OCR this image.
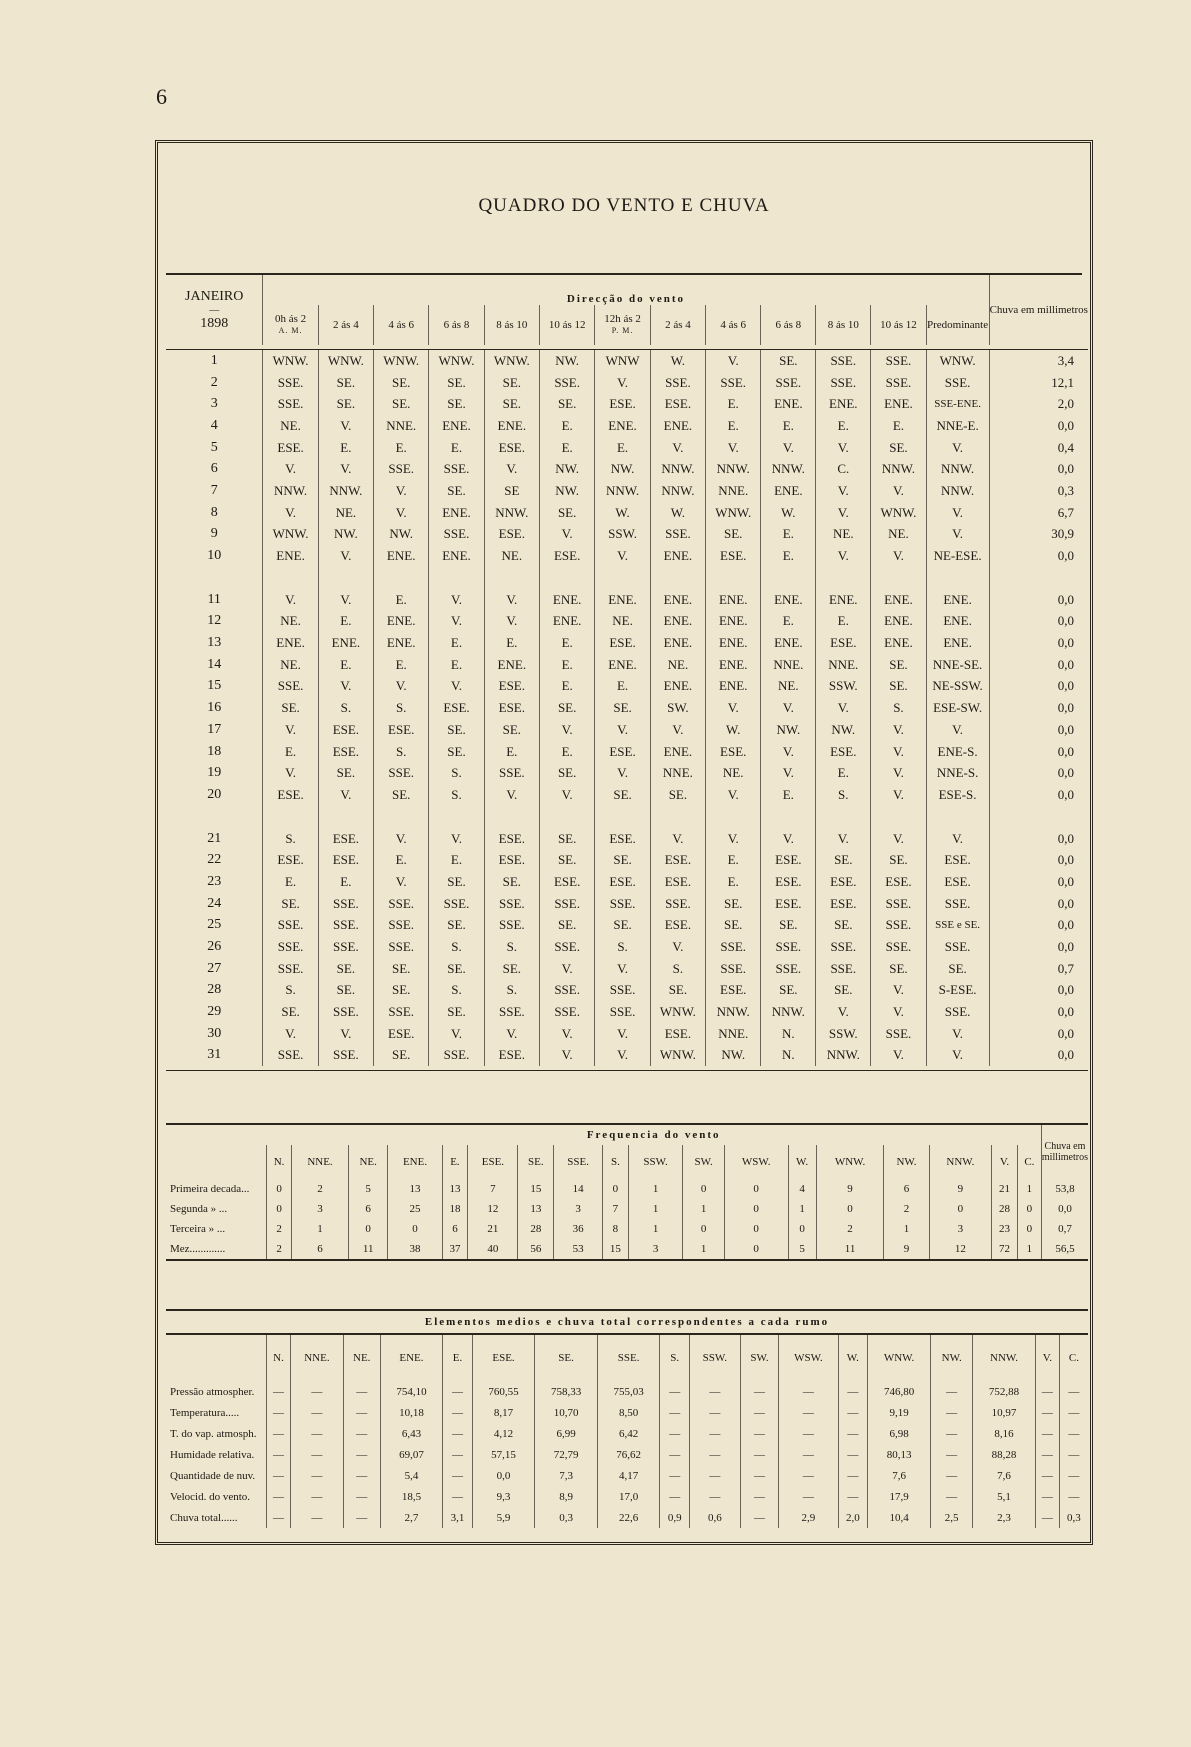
6
QUADRO DO VENTO E CHUVA
JANEIRO
—
1898	Direcção do vento													Chuva em millimetros
	0h ás 2
A. M.	2 ás 4	4 ás 6	6 ás 8	8 ás 10	10 ás 12	12h ás 2
P. M.	2 ás 4	4 ás 6	6 ás 8	8 ás 10	10 ás 12	Predominante	

1	WNW.	WNW.	WNW.	WNW.	WNW.	NW.	WNW	W.	V.	SE.	SSE.	SSE.	WNW.	3,4
2	SSE.	SE.	SE.	SE.	SE.	SSE.	V.	SSE.	SSE.	SSE.	SSE.	SSE.	SSE.	12,1
3	SSE.	SE.	SE.	SE.	SE.	SE.	ESE.	ESE.	E.	ENE.	ENE.	ENE.	SSE-ENE.	2,0
4	NE.	V.	NNE.	ENE.	ENE.	E.	ENE.	ENE.	E.	E.	E.	E.	NNE-E.	0,0
5	ESE.	E.	E.	E.	ESE.	E.	E.	V.	V.	V.	V.	SE.	V.	0,4
6	V.	V.	SSE.	SSE.	V.	NW.	NW.	NNW.	NNW.	NNW.	C.	NNW.	NNW.	0,0
7	NNW.	NNW.	V.	SE.	SE	NW.	NNW.	NNW.	NNE.	ENE.	V.	V.	NNW.	0,3
8	V.	NE.	V.	ENE.	NNW.	SE.	W.	W.	WNW.	W.	V.	WNW.	V.	6,7
9	WNW.	NW.	NW.	SSE.	ESE.	V.	SSW.	SSE.	SE.	E.	NE.	NE.	V.	30,9
10	ENE.	V.	ENE.	ENE.	NE.	ESE.	V.	ENE.	ESE.	E.	V.	V.	NE-ESE.	0,0

11	V.	V.	E.	V.	V.	ENE.	ENE.	ENE.	ENE.	ENE.	ENE.	ENE.	ENE.	0,0
12	NE.	E.	ENE.	V.	V.	ENE.	NE.	ENE.	ENE.	E.	E.	ENE.	ENE.	0,0
13	ENE.	ENE.	ENE.	E.	E.	E.	ESE.	ENE.	ENE.	ENE.	ESE.	ENE.	ENE.	0,0
14	NE.	E.	E.	E.	ENE.	E.	ENE.	NE.	ENE.	NNE.	NNE.	SE.	NNE-SE.	0,0
15	SSE.	V.	V.	V.	ESE.	E.	E.	ENE.	ENE.	NE.	SSW.	SE.	NE-SSW.	0,0
16	SE.	S.	S.	ESE.	ESE.	SE.	SE.	SW.	V.	V.	V.	S.	ESE-SW.	0,0
17	V.	ESE.	ESE.	SE.	SE.	V.	V.	V.	W.	NW.	NW.	V.	V.	0,0
18	E.	ESE.	S.	SE.	E.	E.	ESE.	ENE.	ESE.	V.	ESE.	V.	ENE-S.	0,0
19	V.	SE.	SSE.	S.	SSE.	SE.	V.	NNE.	NE.	V.	E.	V.	NNE-S.	0,0
20	ESE.	V.	SE.	S.	V.	V.	SE.	SE.	V.	E.	S.	V.	ESE-S.	0,0

21	S.	ESE.	V.	V.	ESE.	SE.	ESE.	V.	V.	V.	V.	V.	V.	0,0
22	ESE.	ESE.	E.	E.	ESE.	SE.	SE.	ESE.	E.	ESE.	SE.	SE.	ESE.	0,0
23	E.	E.	V.	SE.	SE.	ESE.	ESE.	ESE.	E.	ESE.	ESE.	ESE.	ESE.	0,0
24	SE.	SSE.	SSE.	SSE.	SSE.	SSE.	SSE.	SSE.	SE.	ESE.	ESE.	SSE.	SSE.	0,0
25	SSE.	SSE.	SSE.	SE.	SSE.	SE.	SE.	ESE.	SE.	SE.	SE.	SSE.	SSE e SE.	0,0
26	SSE.	SSE.	SSE.	S.	S.	SSE.	S.	V.	SSE.	SSE.	SSE.	SSE.	SSE.	0,0
27	SSE.	SE.	SE.	SE.	SE.	V.	V.	S.	SSE.	SSE.	SSE.	SE.	SE.	0,7
28	S.	SE.	SE.	S.	S.	SSE.	SSE.	SE.	ESE.	SE.	SE.	V.	S-ESE.	0,0
29	SE.	SSE.	SSE.	SE.	SSE.	SSE.	SSE.	WNW.	NNW.	NNW.	V.	V.	SSE.	0,0
30	V.	V.	ESE.	V.	V.	V.	V.	ESE.	NNE.	N.	SSW.	SSE.	V.	0,0
31	SSE.	SSE.	SE.	SSE.	ESE.	V.	V.	WNW.	NW.	N.	NNW.	V.	V.	0,0

	Frequencia do vento																		Chuva em millimetros
	N.	NNE.	NE.	ENE.	E.	ESE.	SE.	SSE.	S.	SSW.	SW.	WSW.	W.	WNW.	NW.	NNW.	V.	C.	
Primeira decada...	0	2	5	13	13	7	15	14	0	1	0	0	4	9	6	9	21	1	53,8
Segunda » ...	0	3	6	25	18	12	13	3	7	1	1	0	1	0	2	0	28	0	0,0
Terceira » ...	2	1	0	0	6	21	28	36	8	1	0	0	0	2	1	3	23	0	0,7
Mez.............	2	6	11	38	37	40	56	53	15	3	1	0	5	11	9	12	72	1	56,5
Elementos medios e chuva total correspondentes a cada rumo																		
	N.	NNE.	NE.	ENE.	E.	ESE.	SE.	SSE.	S.	SSW.	SW.	WSW.	W.	WNW.	NW.	NNW.	V.	C.
Pressão atmospher.	—	—	—	754,10	—	760,55	758,33	755,03	—	—	—	—	—	746,80	—	752,88	—	—
Temperatura.....	—	—	—	10,18	—	8,17	10,70	8,50	—	—	—	—	—	9,19	—	10,97	—	—
T. do vap. atmosph.	—	—	—	6,43	—	4,12	6,99	6,42	—	—	—	—	—	6,98	—	8,16	—	—
Humidade relativa.	—	—	—	69,07	—	57,15	72,79	76,62	—	—	—	—	—	80,13	—	88,28	—	—
Quantidade de nuv.	—	—	—	5,4	—	0,0	7,3	4,17	—	—	—	—	—	7,6	—	7,6	—	—
Velocid. do vento.	—	—	—	18,5	—	9,3	8,9	17,0	—	—	—	—	—	17,9	—	5,1	—	—
Chuva total......	—	—	—	2,7	3,1	5,9	0,3	22,6	0,9	0,6	—	2,9	2,0	10,4	2,5	2,3	—	0,3
